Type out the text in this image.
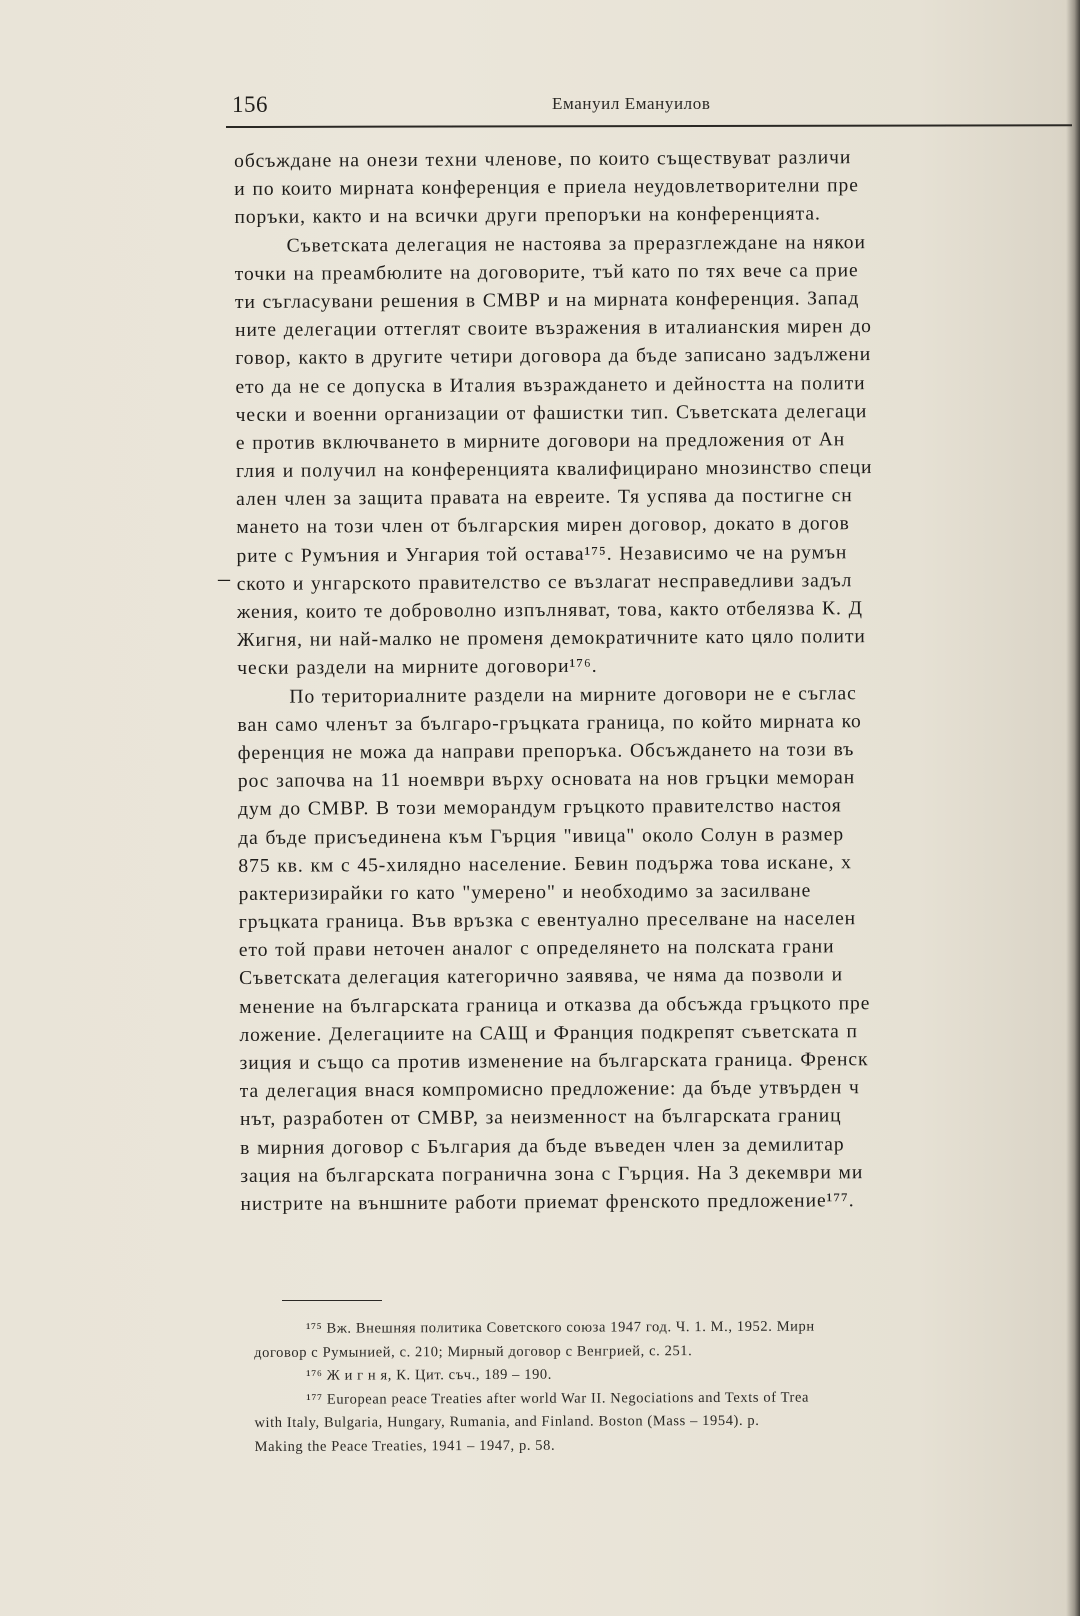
156	Емануил Емануилов
–
обсъждане на онези техни членове, по които съществуват различи
и по които мирната конференция е приела неудовлетворителни пре
поръки, както и на всички други препоръки на конференцията.
Съветската делегация не настоява за преразглеждане на някои
точки на преамбюлите на договорите, тъй като по тях вече са прие
ти съгласувани решения в СМВР и на мирната конференция. Запад
ните делегации оттеглят своите възражения в италианския мирен до
говор, както в другите четири договора да бъде записано задължени
ето да не се допуска в Италия възраждането и дейността на полити
чески и военни организации от фашистки тип. Съветската делегаци
е против включването в мирните договори на предложения от Ан
глия и получил на конференцията квалифицирано мнозинство специ
ален член за защита правата на евреите. Тя успява да постигне сн
мането на този член от българския мирен договор, докато в догов
рите с Румъния и Унгария той остава¹⁷⁵. Независимо че на румън
ското и унгарското правителство се възлагат несправедливи задъл
жения, които те доброволно изпълняват, това, както отбелязва К. Д
Жигня, ни най-малко не променя демократичните като цяло полити
чески раздели на мирните договори¹⁷⁶.
По териториалните раздели на мирните договори не е съглас
ван само членът за българо-гръцката граница, по който мирната ко
ференция не можа да направи препоръка. Обсъждането на този въ
рос започва на 11 ноември върху основата на нов гръцки меморан
дум до СМВР. В този меморандум гръцкото правителство настоя
да бъде присъединена към Гърция "ивица" около Солун в размер
875 кв. км с 45-хилядно население. Бевин подържа това искане, х
рактеризирайки го като "умерено" и необходимо за засилване
гръцката граница. Във връзка с евентуално преселване на населен
ето той прави неточен аналог с определянето на полската грани
Съветската делегация категорично заявява, че няма да позволи и
менение на българската граница и отказва да обсъжда гръцкото пре
ложение. Делегациите на САЩ и Франция подкрепят съветската п
зиция и също са против изменение на българската граница. Френск
та делегация внася компромисно предложение: да бъде утвърден ч
нът, разработен от СМВР, за неизменност на българската границ
в мирния договор с България да бъде въведен член за демилитар
зация на българската погранична зона с Гърция. На 3 декември ми
нистрите на външните работи приемат френското предложение¹⁷⁷.
¹⁷⁵ Вж. Внешняя политика Советского союза 1947 год. Ч. 1. М., 1952. Мирн
договор с Румынией, с. 210; Мирный договор с Венгрией, с. 251.
¹⁷⁶ Ж и г н я, К. Цит. съч., 189 – 190.
¹⁷⁷ European peace Treaties after world War II. Negociations and Texts of Trea
with Italy, Bulgaria, Hungary, Rumania, and Finland. Boston (Mass – 1954). p.
Making the Peace Treaties, 1941 – 1947, p. 58.
